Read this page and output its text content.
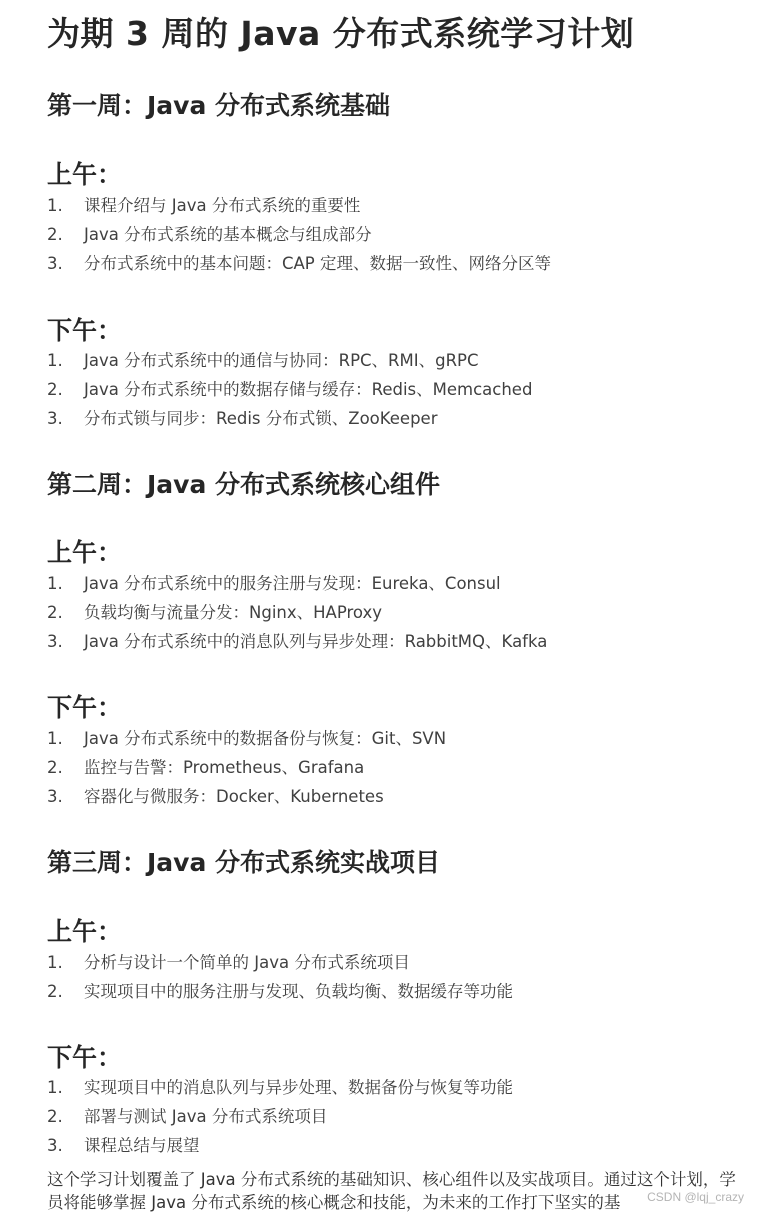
为期 3 周的 Java 分布式系统学习计划
第一周：Java 分布式系统基础
上午：
1. 课程介绍与 Java 分布式系统的重要性
2. Java 分布式系统的基本概念与组成部分
3. 分布式系统中的基本问题：CAP 定理、数据一致性、网络分区等
下午：
1. Java 分布式系统中的通信与协同：RPC、RMI、gRPC
2. Java 分布式系统中的数据存储与缓存：Redis、Memcached
3. 分布式锁与同步：Redis 分布式锁、ZooKeeper
第二周：Java 分布式系统核心组件
上午：
1. Java 分布式系统中的服务注册与发现：Eureka、Consul
2. 负载均衡与流量分发：Nginx、HAProxy
3. Java 分布式系统中的消息队列与异步处理：RabbitMQ、Kafka
下午：
1. Java 分布式系统中的数据备份与恢复：Git、SVN
2. 监控与告警：Prometheus、Grafana
3. 容器化与微服务：Docker、Kubernetes
第三周：Java 分布式系统实战项目
上午：
1. 分析与设计一个简单的 Java 分布式系统项目
2. 实现项目中的服务注册与发现、负载均衡、数据缓存等功能
下午：
1. 实现项目中的消息队列与异步处理、数据备份与恢复等功能
2. 部署与测试 Java 分布式系统项目
3. 课程总结与展望

这个学习计划覆盖了 Java 分布式系统的基础知识、核心组件以及实战项目。通过这个计划，学员将能够掌握 Java 分布式系统的核心概念和技能，为未来的工作打下坚实的基	CSDN @lqj_crazy
